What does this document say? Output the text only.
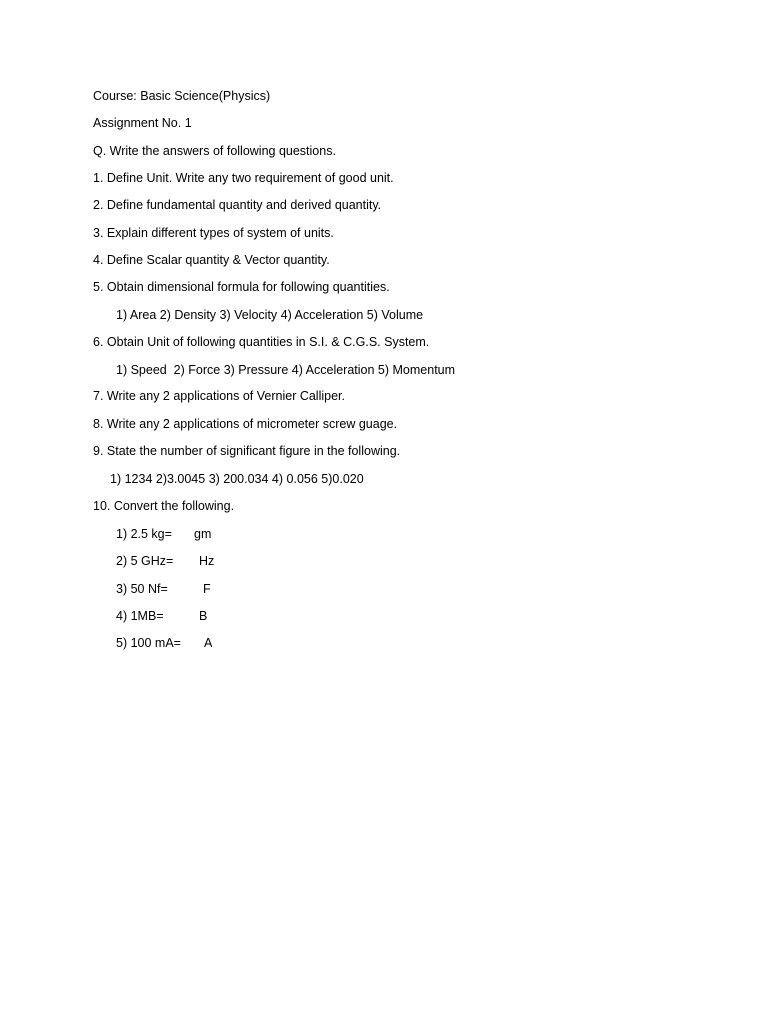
Course: Basic Science(Physics)
Assignment No. 1
Q. Write the answers of following questions.
1. Define Unit. Write any two requirement of good unit.
2. Define fundamental quantity and derived quantity.
3. Explain different types of system of units.
4. Define Scalar quantity & Vector quantity.
5. Obtain dimensional formula for following quantities.
1) Area 2) Density 3) Velocity 4) Acceleration 5) Volume
6. Obtain Unit of following quantities in S.I. & C.G.S. System.
1) Speed  2) Force 3) Pressure 4) Acceleration 5) Momentum
7. Write any 2 applications of Vernier Calliper.
8. Write any 2 applications of micrometer screw guage.
9. State the number of significant figure in the following.
1) 1234 2)3.0045 3) 200.034 4) 0.056 5)0.020
10. Convert the following.
1) 2.5 kg= gm
2) 5 GHz= Hz
3) 50 Nf=	F
4) 1MB=	B
5) 100 mA= A
